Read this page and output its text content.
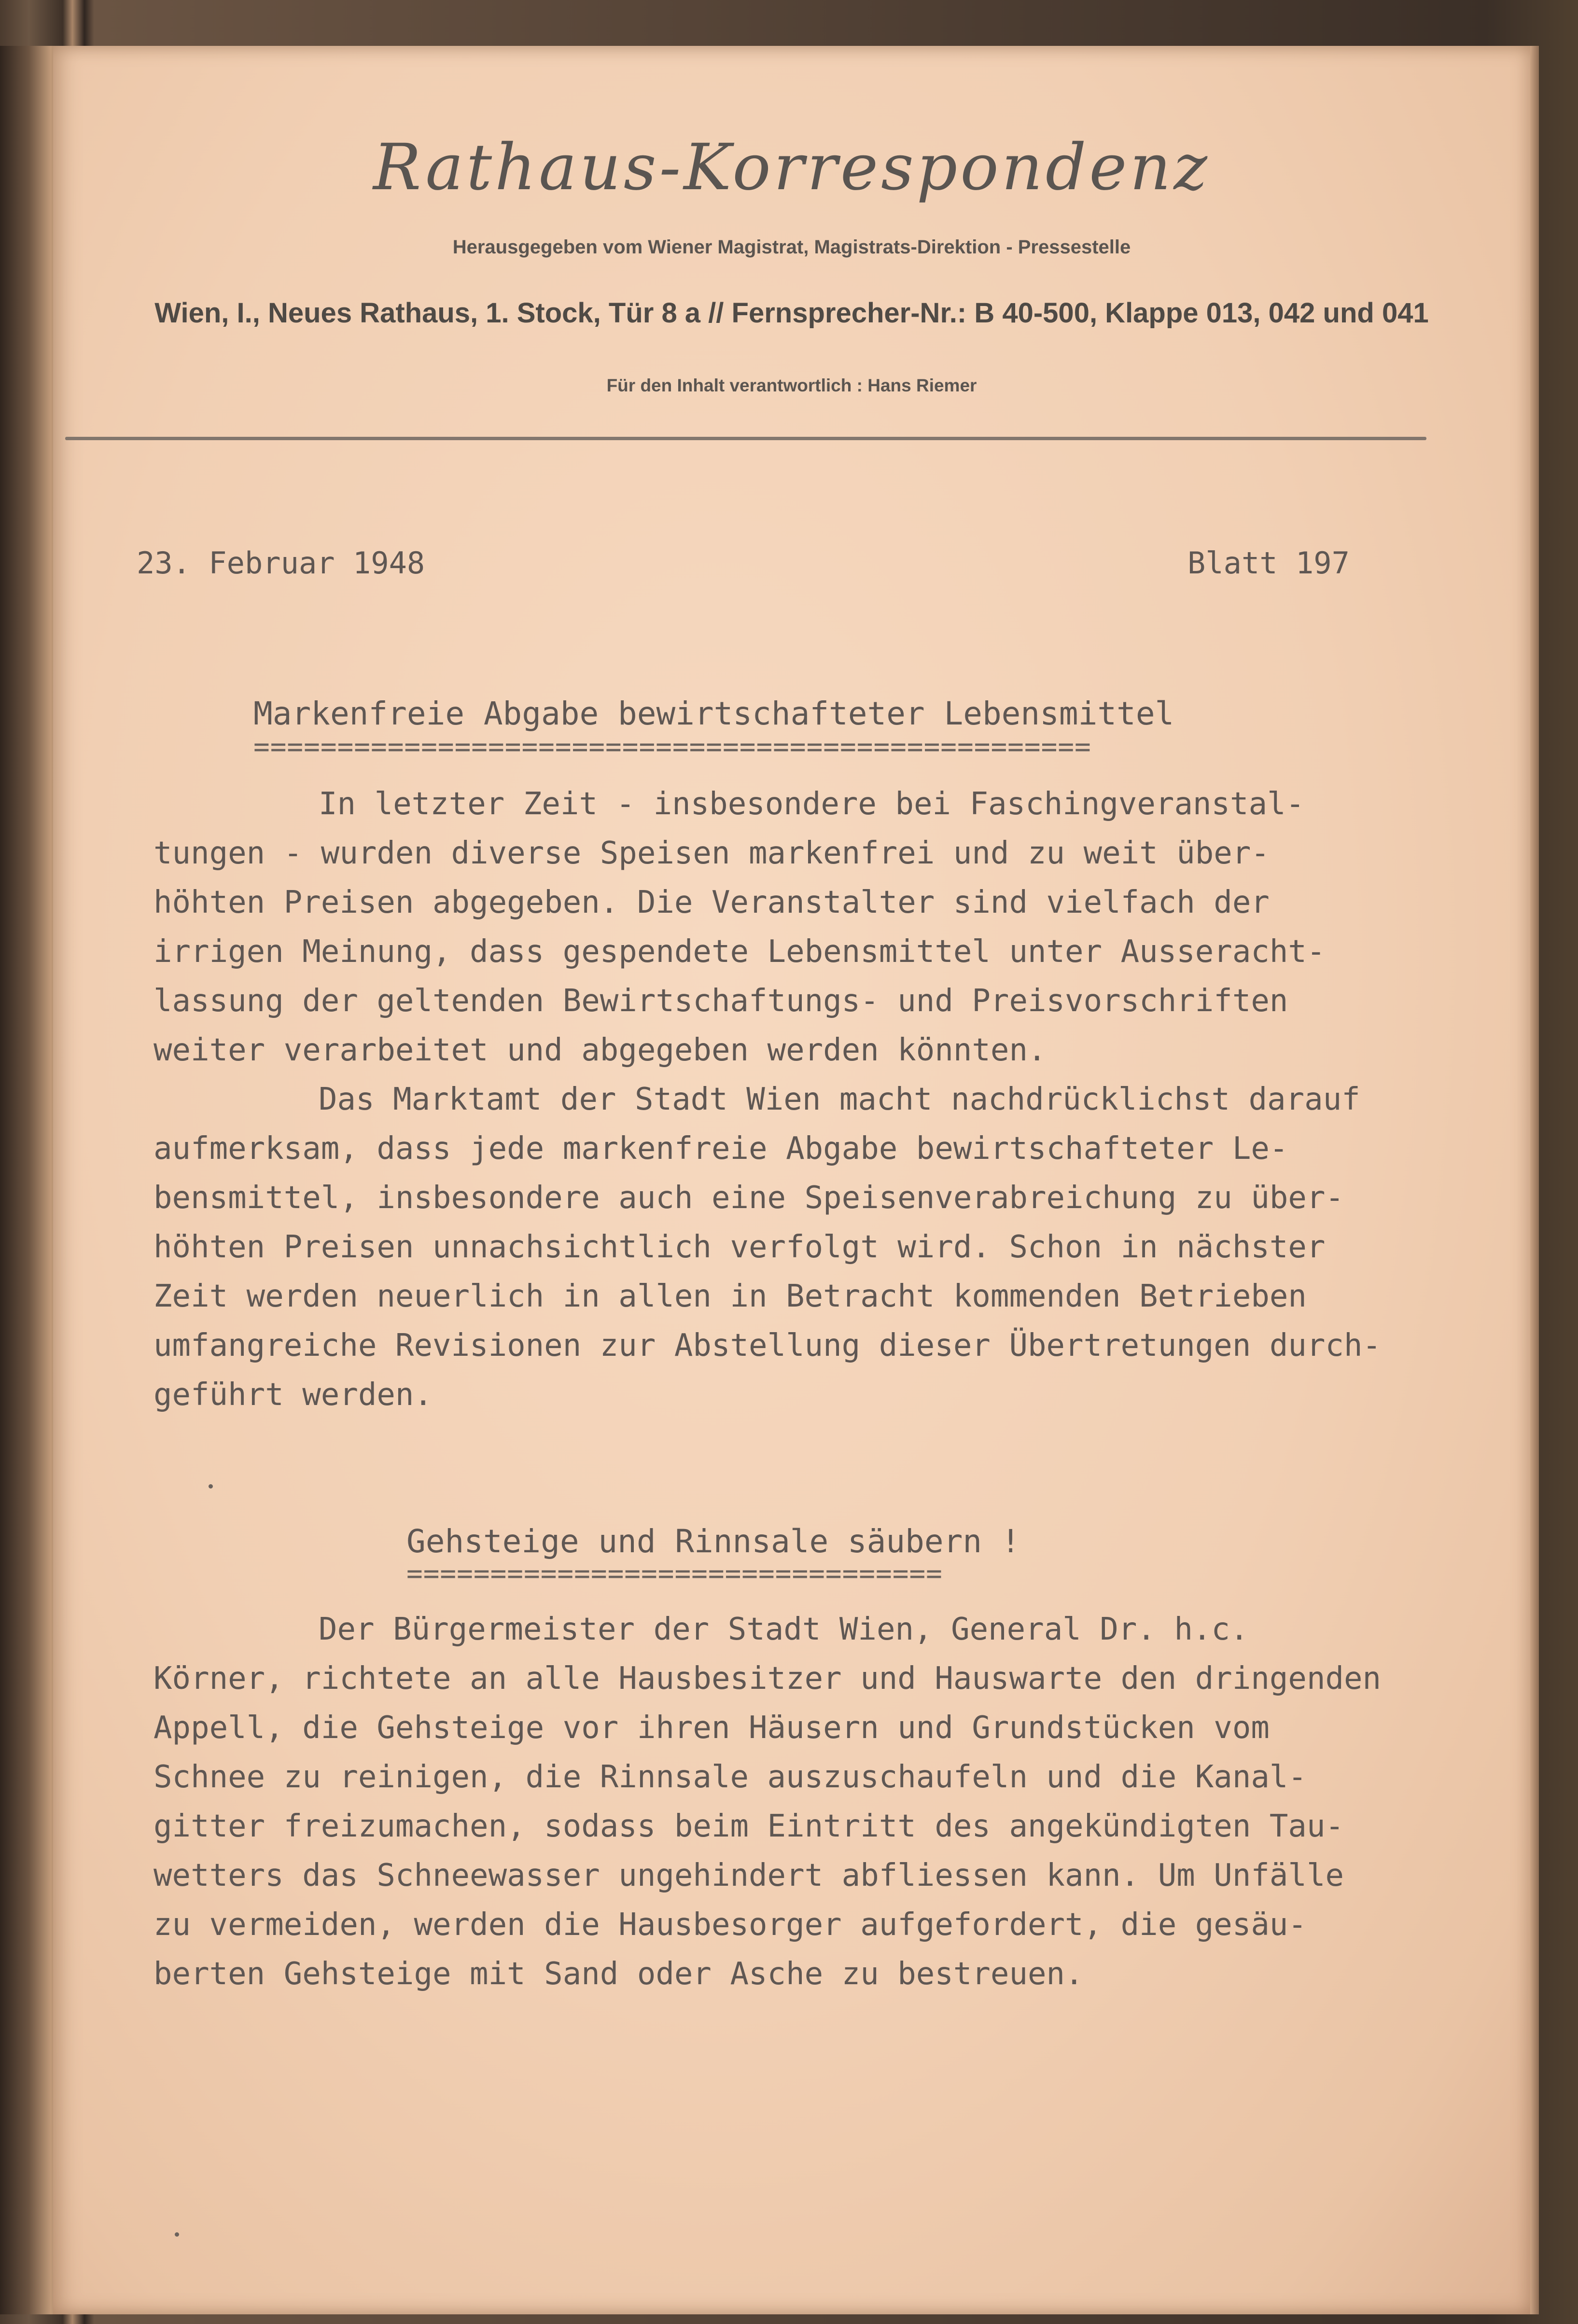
Rathaus-Korrespondenz
Herausgegeben vom Wiener Magistrat, Magistrats-Direktion - Pressestelle
Wien, I., Neues Rathaus, 1. Stock, Tür 8 a // Fernsprecher-Nr.: B 40-500, Klappe 013, 042 und 041
Für den Inhalt verantwortlich : Hans Riemer
23. Februar 1948	Blatt 197
Markenfreie Abgabe bewirtschafteter Lebensmittel
==================================================
In letzter Zeit - insbesondere bei Faschingveranstal-
tungen - wurden diverse Speisen markenfrei und zu weit über-
höhten Preisen abgegeben. Die Veranstalter sind vielfach der
irrigen Meinung, dass gespendete Lebensmittel unter Ausseracht-
lassung der geltenden Bewirtschaftungs- und Preisvorschriften
weiter verarbeitet und abgegeben werden könnten.
Das Marktamt der Stadt Wien macht nachdrücklichst darauf
aufmerksam, dass jede markenfreie Abgabe bewirtschafteter Le-
bensmittel, insbesondere auch eine Speisenverabreichung zu über-
höhten Preisen unnachsichtlich verfolgt wird. Schon in nächster
Zeit werden neuerlich in allen in Betracht kommenden Betrieben
umfangreiche Revisionen zur Abstellung dieser Übertretungen durch-
geführt werden.
Gehsteige und Rinnsale säubern !
================================
Der Bürgermeister der Stadt Wien, General Dr. h.c.
Körner, richtete an alle Hausbesitzer und Hauswarte den dringenden
Appell, die Gehsteige vor ihren Häusern und Grundstücken vom
Schnee zu reinigen, die Rinnsale auszuschaufeln und die Kanal-
gitter freizumachen, sodass beim Eintritt des angekündigten Tau-
wetters das Schneewasser ungehindert abfliessen kann. Um Unfälle
zu vermeiden, werden die Hausbesorger aufgefordert, die gesäu-
berten Gehsteige mit Sand oder Asche zu bestreuen.
